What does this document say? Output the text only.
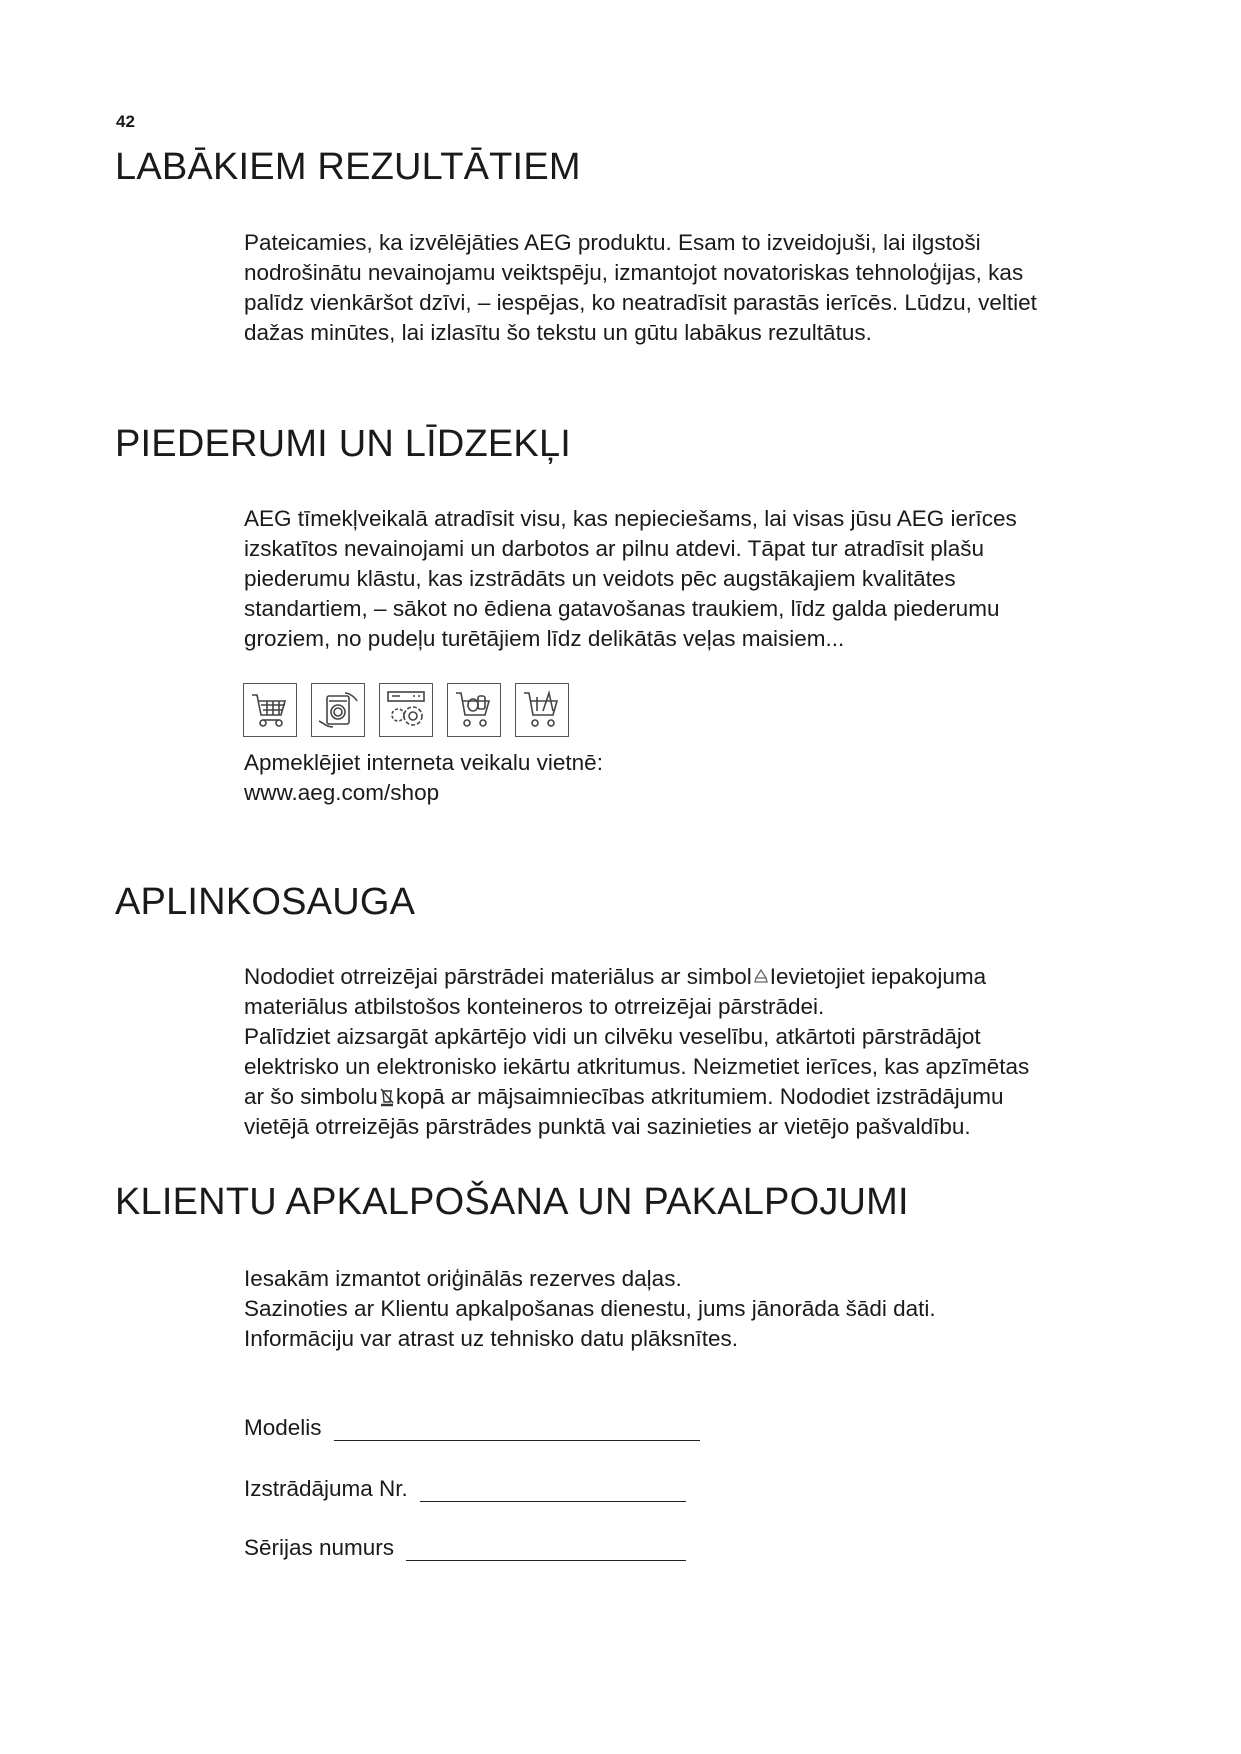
42
LABĀKIEM REZULTĀTIEM

Pateicamies, ka izvēlējāties AEG produktu. Esam to izveidojuši, lai ilgstoši

nodrošinātu nevainojamu veiktspēju, izmantojot novatoriskas tehnoloģijas, kas

palīdz vienkāršot dzīvi, – iespējas, ko neatradīsit parastās ierīcēs. Lūdzu, veltiet

dažas minūtes, lai izlasītu šo tekstu un gūtu labākus rezultātus.

PIEDERUMI UN LĪDZEKĻI

AEG tīmekļveikalā atradīsit visu, kas nepieciešams, lai visas jūsu AEG ierīces

izskatītos nevainojami un darbotos ar pilnu atdevi. Tāpat tur atradīsit plašu

piederumu klāstu, kas izstrādāts un veidots pēc augstākajiem kvalitātes

standartiem, – sākot no ēdiena gatavošanas traukiem, līdz galda piederumu

groziem, no pudeļu turētājiem līdz delikātās veļas maisiem...

Apmeklējiet interneta veikalu vietnē:

www.aeg.com/shop

APLINKOSAUGA

Nododiet otrreizējai pārstrādei materiālus ar simbol Ievietojiet iepakojuma

materiālus atbilstošos konteineros to otrreizējai pārstrādei.

Palīdziet aizsargāt apkārtējo vidi un cilvēku veselību, atkārtoti pārstrādājot

elektrisko un elektronisko iekārtu atkritumus. Neizmetiet ierīces, kas apzīmētas

ar šo simbolu kopā ar mājsaimniecības atkritumiem. Nododiet izstrādājumu

vietējā otrreizējās pārstrādes punktā vai sazinieties ar vietējo pašvaldību.

KLIENTU APKALPOŠANA UN PAKALPOJUMI

Iesakām izmantot oriģinālās rezerves daļas.

Sazinoties ar Klientu apkalpošanas dienestu, jums jānorāda šādi dati.

Informāciju var atrast uz tehnisko datu plāksnītes.

Modelis
Izstrādājuma Nr.
Sērijas numurs
